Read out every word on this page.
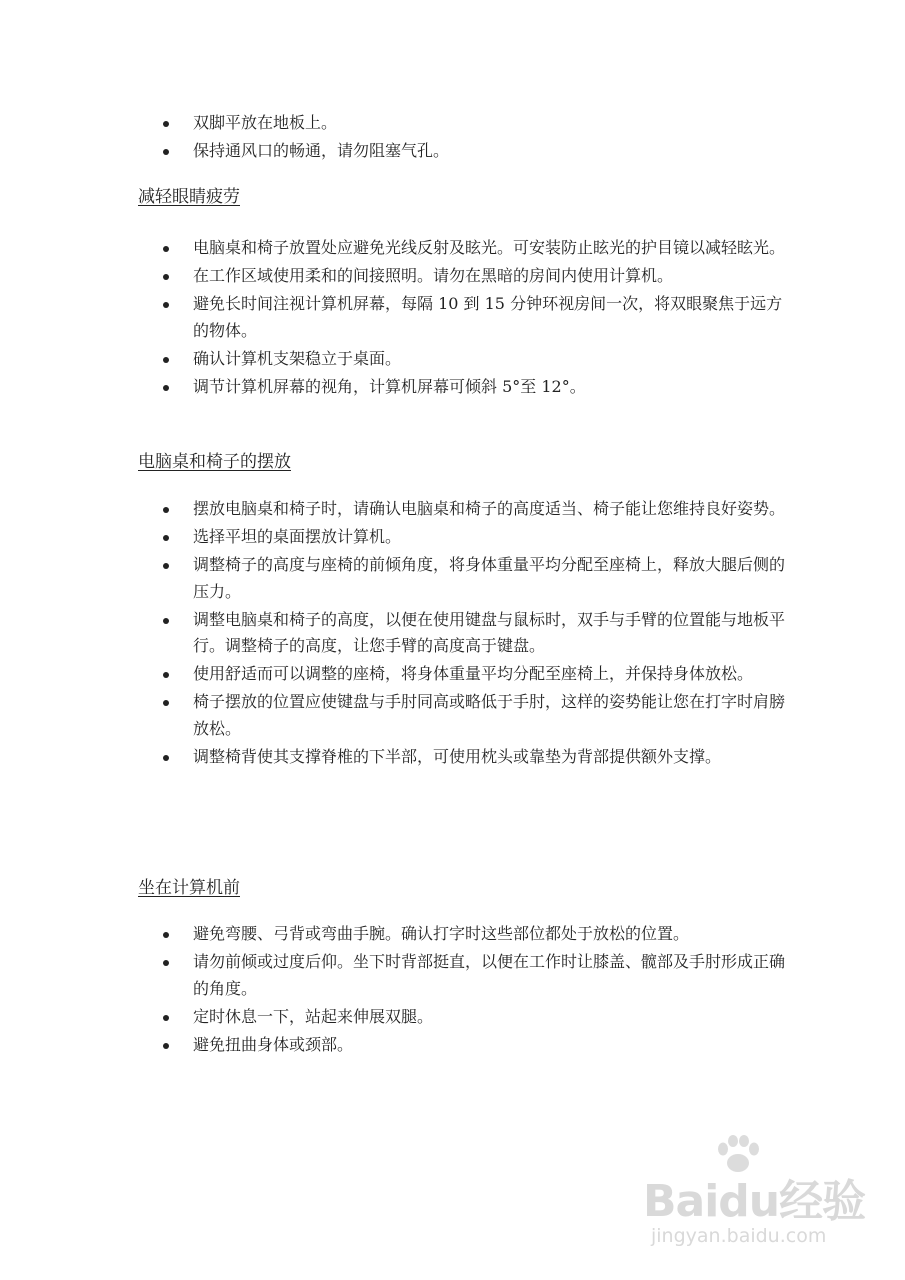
双脚平放在地板上。
保持通风口的畅通，请勿阻塞气孔。
减轻眼睛疲劳
电脑桌和椅子放置处应避免光线反射及眩光。可安装防止眩光的护目镜以减轻眩光。
在工作区域使用柔和的间接照明。请勿在黑暗的房间内使用计算机。
避免长时间注视计算机屏幕，每隔 10 到 15 分钟环视房间一次，将双眼聚焦于远方的物体。
确认计算机支架稳立于桌面。
调节计算机屏幕的视角，计算机屏幕可倾斜 5°至 12°。
电脑桌和椅子的摆放
摆放电脑桌和椅子时，请确认电脑桌和椅子的高度适当、椅子能让您维持良好姿势。
选择平坦的桌面摆放计算机。
调整椅子的高度与座椅的前倾角度，将身体重量平均分配至座椅上，释放大腿后侧的压力。
调整电脑桌和椅子的高度，以便在使用键盘与鼠标时，双手与手臂的位置能与地板平行。调整椅子的高度，让您手臂的高度高于键盘。
使用舒适而可以调整的座椅，将身体重量平均分配至座椅上，并保持身体放松。
椅子摆放的位置应使键盘与手肘同高或略低于手肘，这样的姿势能让您在打字时肩膀放松。
调整椅背使其支撑脊椎的下半部，可使用枕头或靠垫为背部提供额外支撑。
坐在计算机前
避免弯腰、弓背或弯曲手腕。确认打字时这些部位都处于放松的位置。
请勿前倾或过度后仰。坐下时背部挺直，以便在工作时让膝盖、髋部及手肘形成正确的角度。
定时休息一下，站起来伸展双腿。
避免扭曲身体或颈部。
Baidu经验
jingyan.baidu.com
